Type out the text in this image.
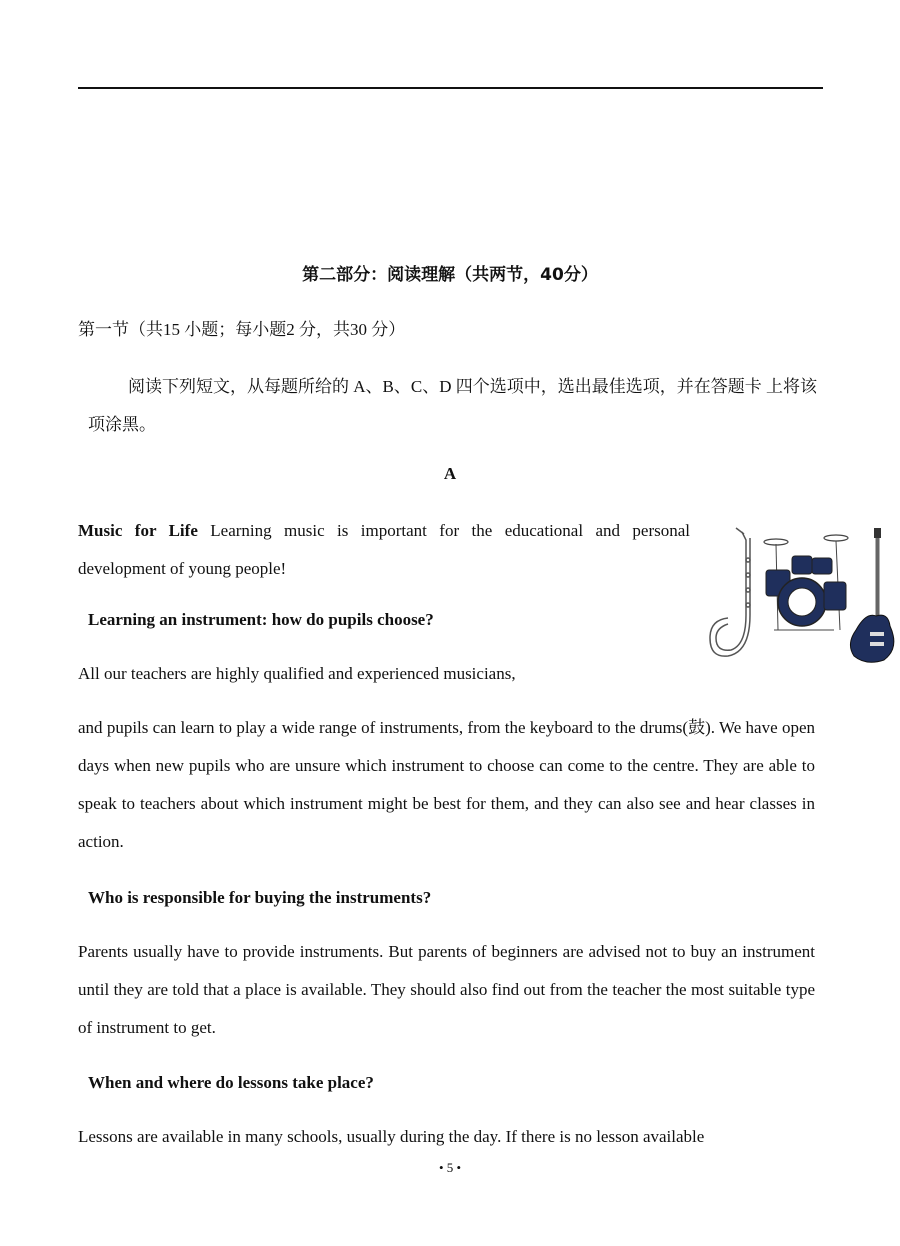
第二部分：阅读理解（共两节，40分）
第一节（共15 小题；每小题2 分，共30 分）
阅读下列短文，从每题所给的 A、B、C、D 四个选项中，选出最佳选项，并在答题卡 上将该项涂黑。
A
Music for Life Learning music is important for the educational and personal development of young people!
Learning an instrument: how do pupils choose?
All our teachers are highly qualified and experienced musicians,
and pupils can learn to play a wide range of instruments, from the keyboard to the drums(鼓). We have open days when new pupils who are unsure which instrument to choose can come to the centre. They are able to speak to teachers about which instrument might be best for them, and they can also see and hear classes in action.
Who is responsible for buying the instruments?
Parents usually have to provide instruments. But parents of beginners are advised not to buy an instrument until they are told that a place is available. They should also find out from the teacher the most suitable type of instrument to get.
When and where do lessons take place?
Lessons are available in many schools, usually during the day. If there is no lesson available
• 5 •
